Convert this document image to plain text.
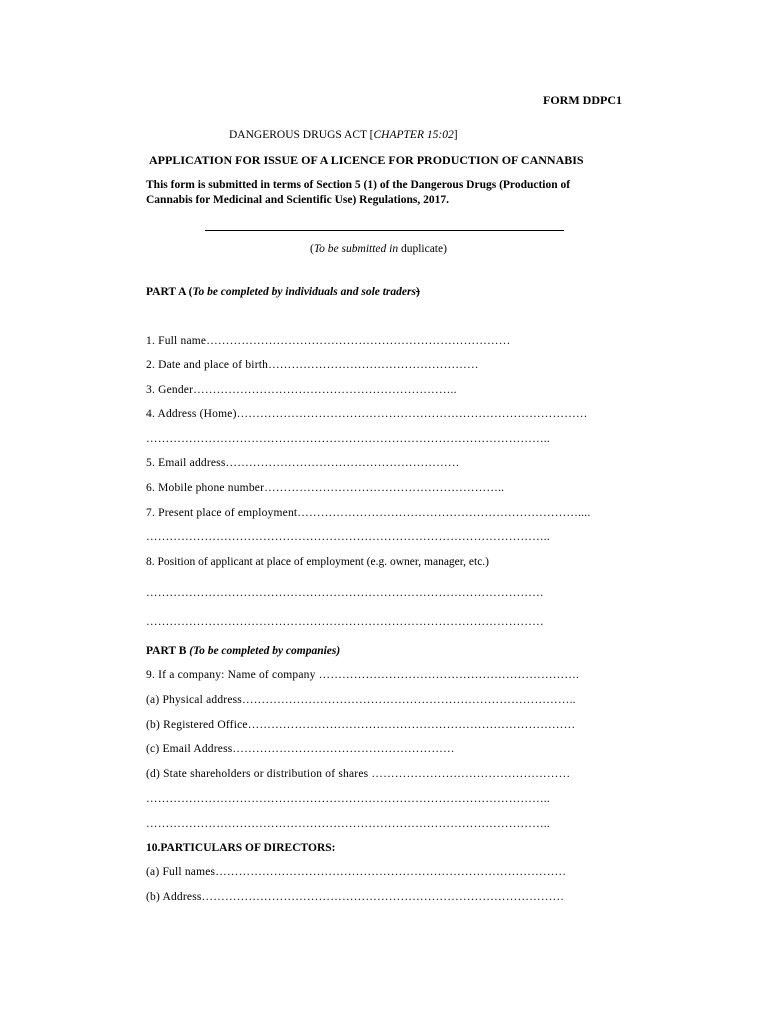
FORM DDPC1
DANGEROUS DRUGS ACT [CHAPTER 15:02]
APPLICATION FOR ISSUE OF A LICENCE FOR PRODUCTION OF CANNABIS
This form is submitted in terms of Section 5 (1) of the Dangerous Drugs (Production of
Cannabis for Medicinal and Scientific Use) Regulations, 2017.
(To be submitted in duplicate)
PART A (To be completed by individuals and sole traders)
1. Full name……………………………………………………………………
2. Date and place of birth………………………………………………
3. Gender…………………………………………………………..
4. Address (Home)………………………………………………………………………………
…………………………………………………………………………………………..
5. Email address……………………………………………………
6. Mobile phone number……………………………………………………..
7. Present place of employment………………………………………………………………....
…………………………………………………………………………………………..
8. Position of applicant at place of employment (e.g. owner, manager, etc.)
…………………………………………………………………………………………
…………………………………………………………………………………………
PART B (To be completed by companies)
9. If a company: Name of company ………………………………………………………….
(a) Physical address…………………………………………………………………………..
(b) Registered Office…………………………………………………………………………
(c) Email Address…………………………………………………
(d) State shareholders or distribution of shares ……………………………………………
…………………………………………………………………………………………..
…………………………………………………………………………………………..
10.PARTICULARS OF DIRECTORS:
(a) Full names………………………………………………………………………………
(b) Address…………………………………………………………………………………
